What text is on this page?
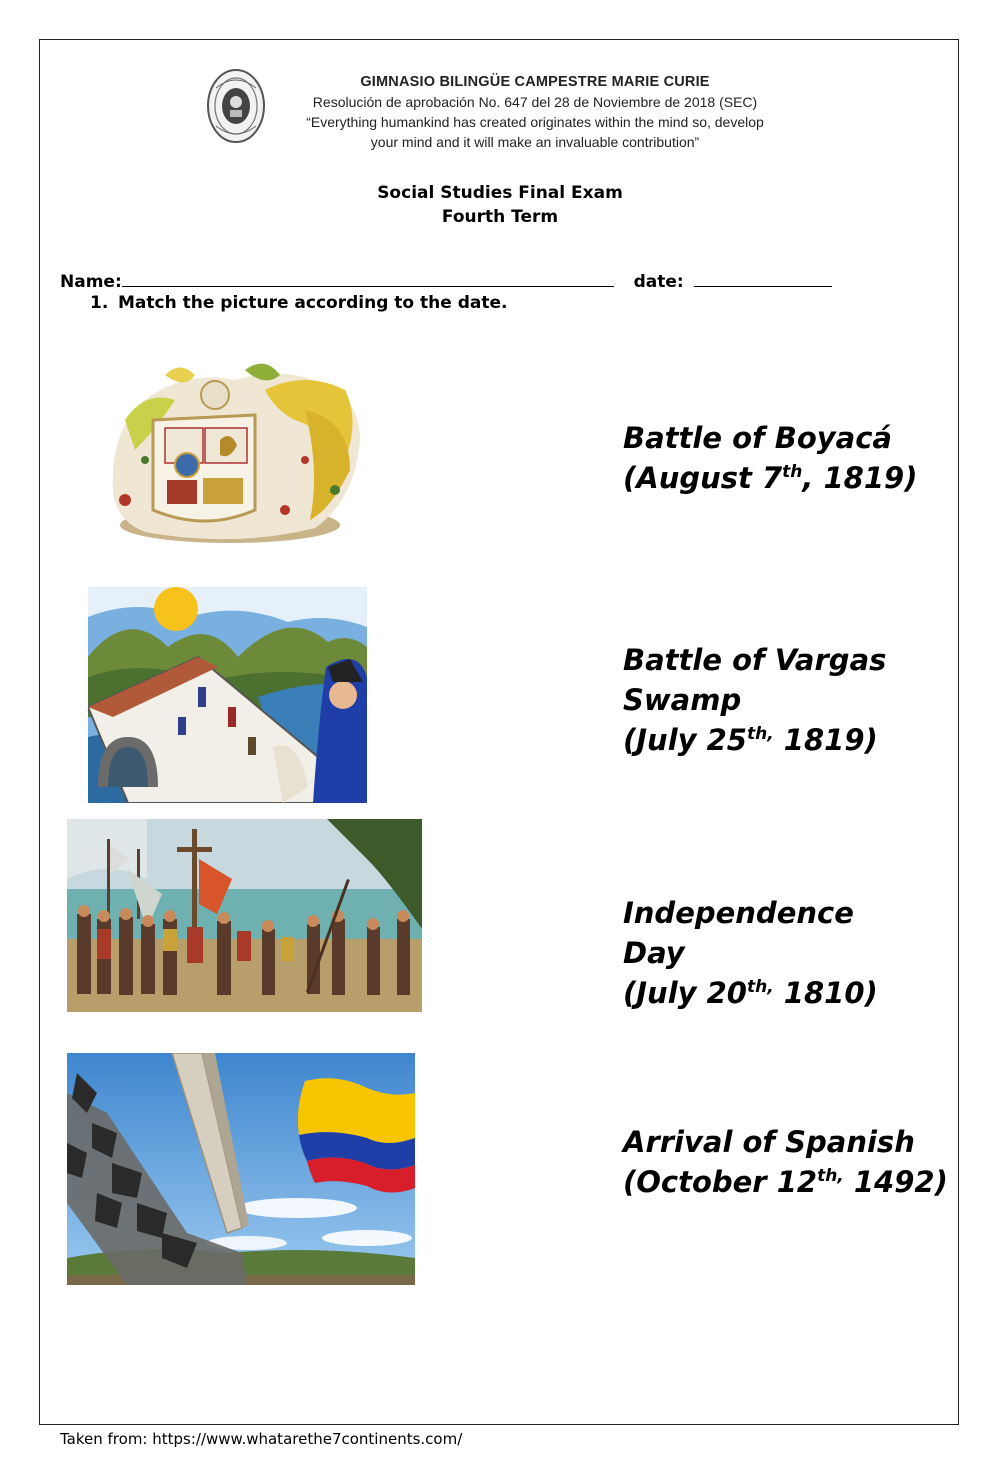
GIMNASIO BILINGÜE CAMPESTRE MARIE CURIE
Resolución de aprobación No. 647 del 28 de Noviembre de 2018 (SEC)
“Everything humankind has created originates within the mind so, develop
your mind and it will make an invaluable contribution”
Social Studies Final Exam
Fourth Term
Name:	date:
1. Match the picture according to the date.
Battle of Boyacá
(August 7th, 1819)
Battle of Vargas
Swamp
(July $25^{th,}$ 1819)
Independence
Day
(July $20^{th,}$ 1810)
Arrival of Spanish
(October $12^{th,}$ 1492)
Taken from: https://www.whatarethe7continents.com/
